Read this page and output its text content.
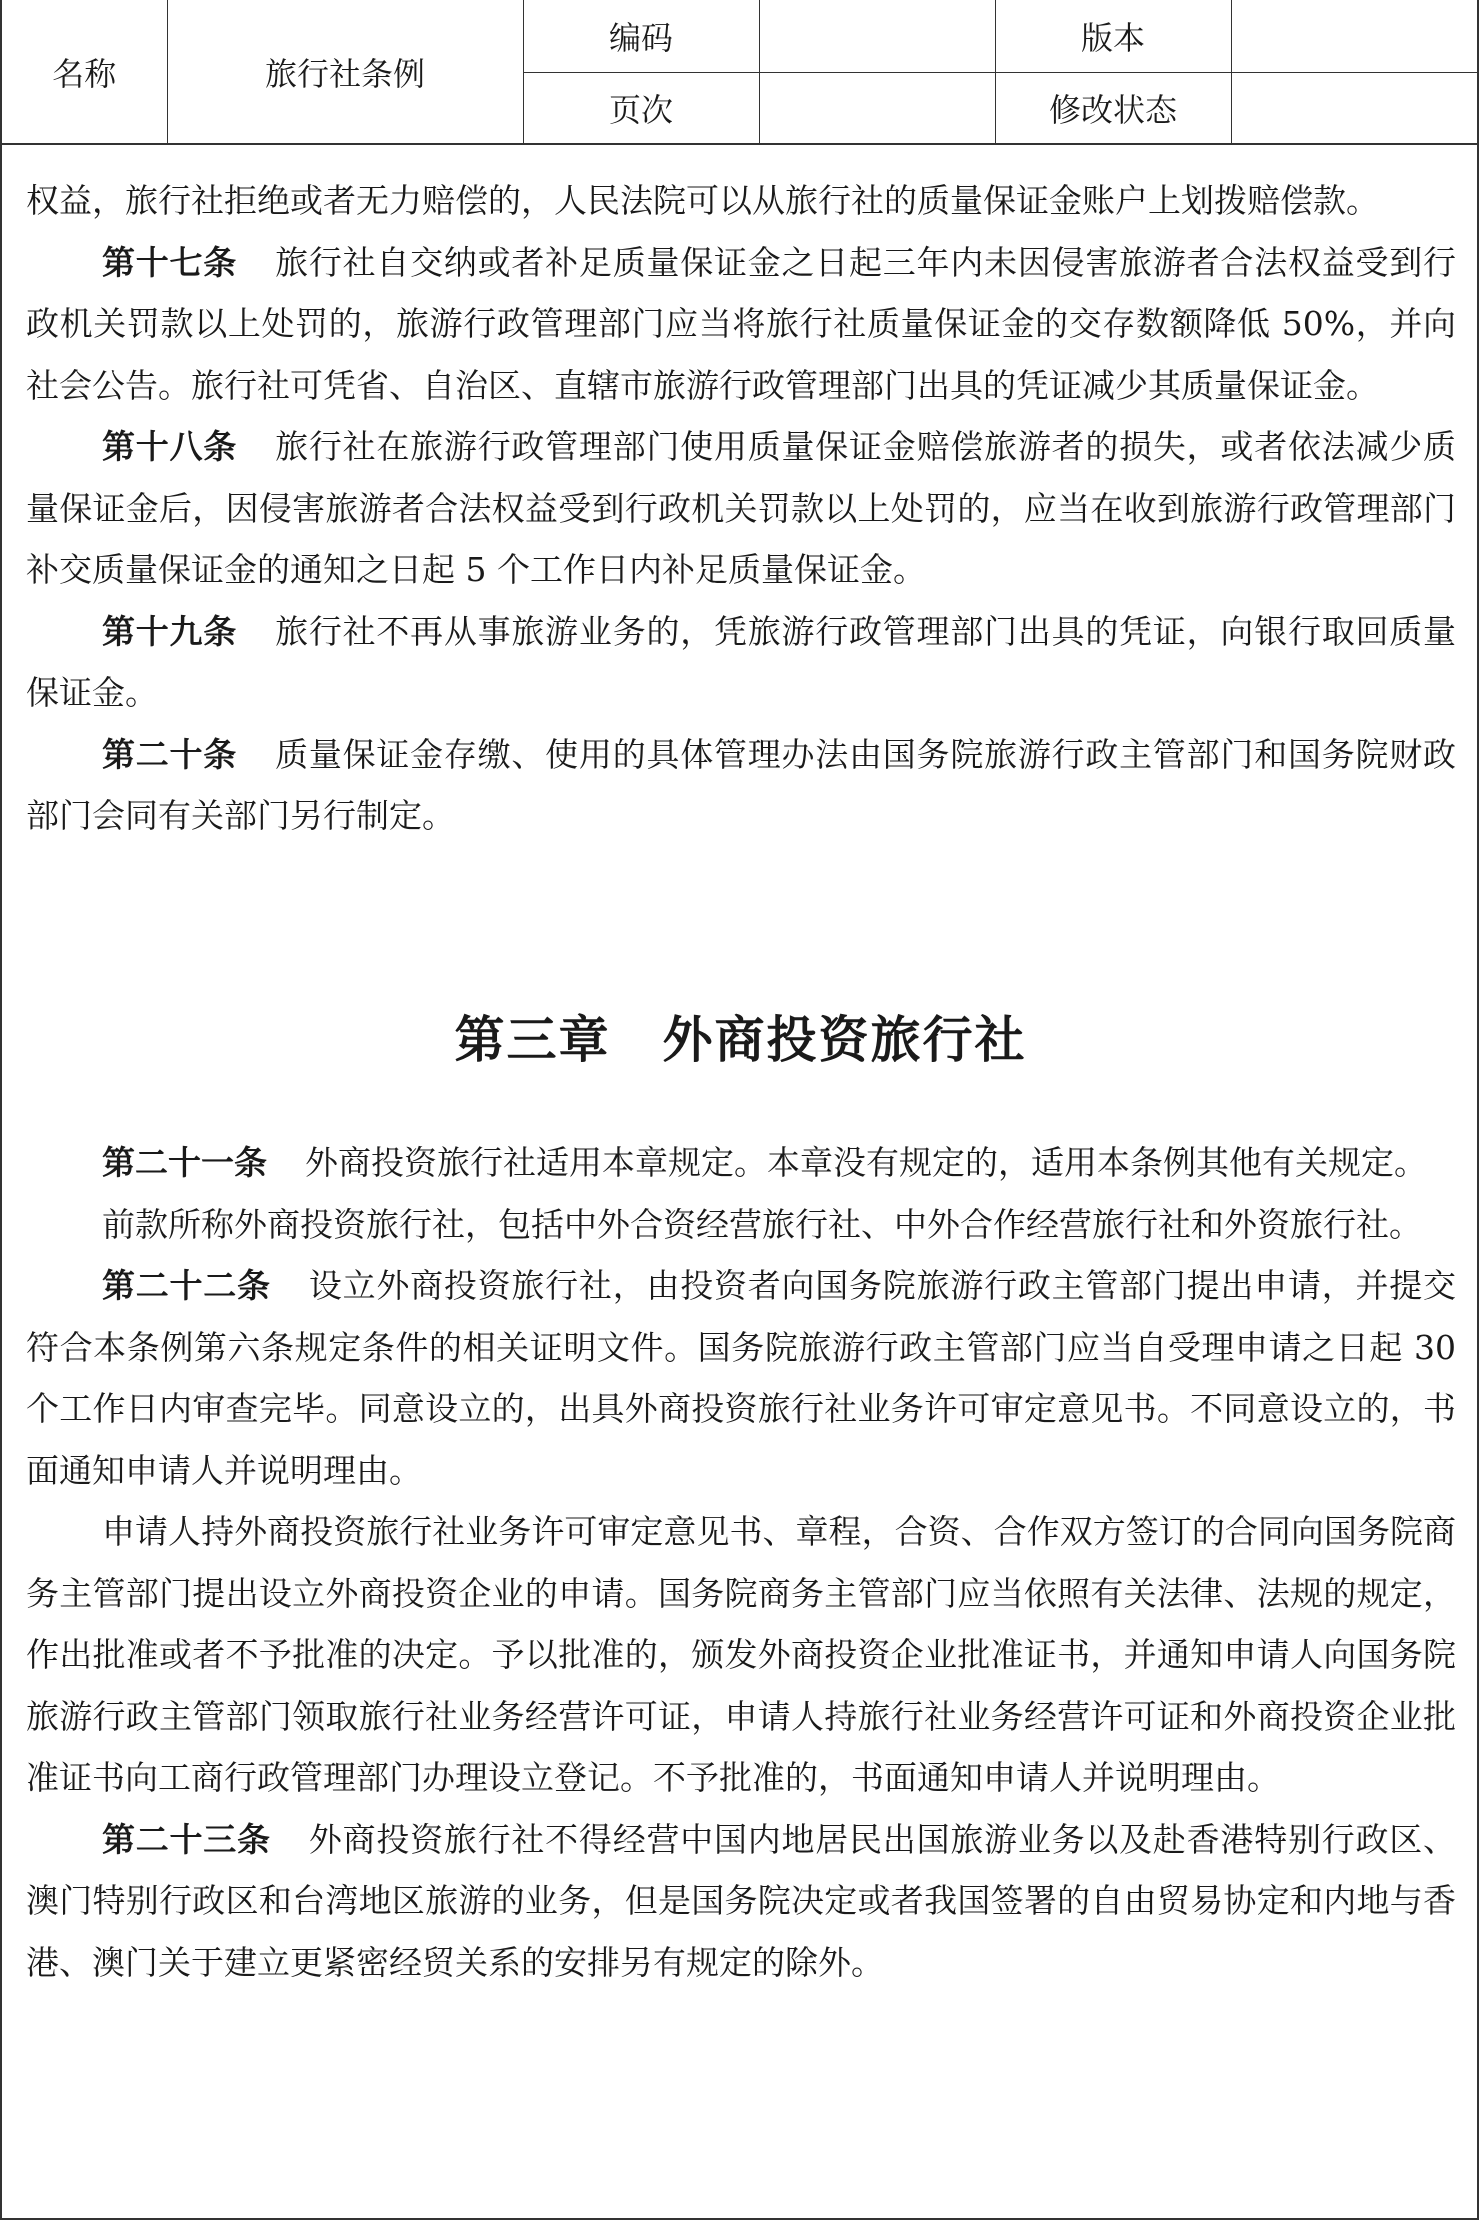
名称	旅行社条例	编码		版本	
		页次		修改状态	

权益，旅行社拒绝或者无力赔偿的，人民法院可以从旅行社的质量保证金账户上划拨赔偿款。

第十七条 旅行社自交纳或者补足质量保证金之日起三年内未因侵害旅游者合法权益受到行政机关罚款以上处罚的，旅游行政管理部门应当将旅行社质量保证金的交存数额降低 50%，并向社会公告。旅行社可凭省、自治区、直辖市旅游行政管理部门出具的凭证减少其质量保证金。

第十八条 旅行社在旅游行政管理部门使用质量保证金赔偿旅游者的损失，或者依法减少质量保证金后，因侵害旅游者合法权益受到行政机关罚款以上处罚的，应当在收到旅游行政管理部门补交质量保证金的通知之日起 5 个工作日内补足质量保证金。

第十九条 旅行社不再从事旅游业务的，凭旅游行政管理部门出具的凭证，向银行取回质量保证金。

第二十条 质量保证金存缴、使用的具体管理办法由国务院旅游行政主管部门和国务院财政部门会同有关部门另行制定。

第三章 外商投资旅行社

第二十一条 外商投资旅行社适用本章规定。本章没有规定的，适用本条例其他有关规定。

前款所称外商投资旅行社，包括中外合资经营旅行社、中外合作经营旅行社和外资旅行社。

第二十二条 设立外商投资旅行社，由投资者向国务院旅游行政主管部门提出申请，并提交符合本条例第六条规定条件的相关证明文件。国务院旅游行政主管部门应当自受理申请之日起 30 个工作日内审查完毕。同意设立的，出具外商投资旅行社业务许可审定意见书。不同意设立的，书面通知申请人并说明理由。

申请人持外商投资旅行社业务许可审定意见书、章程，合资、合作双方签订的合同向国务院商务主管部门提出设立外商投资企业的申请。国务院商务主管部门应当依照有关法律、法规的规定，作出批准或者不予批准的决定。予以批准的，颁发外商投资企业批准证书，并通知申请人向国务院旅游行政主管部门领取旅行社业务经营许可证，申请人持旅行社业务经营许可证和外商投资企业批准证书向工商行政管理部门办理设立登记。不予批准的，书面通知申请人并说明理由。

第二十三条 外商投资旅行社不得经营中国内地居民出国旅游业务以及赴香港特别行政区、澳门特别行政区和台湾地区旅游的业务，但是国务院决定或者我国签署的自由贸易协定和内地与香港、澳门关于建立更紧密经贸关系的安排另有规定的除外。
